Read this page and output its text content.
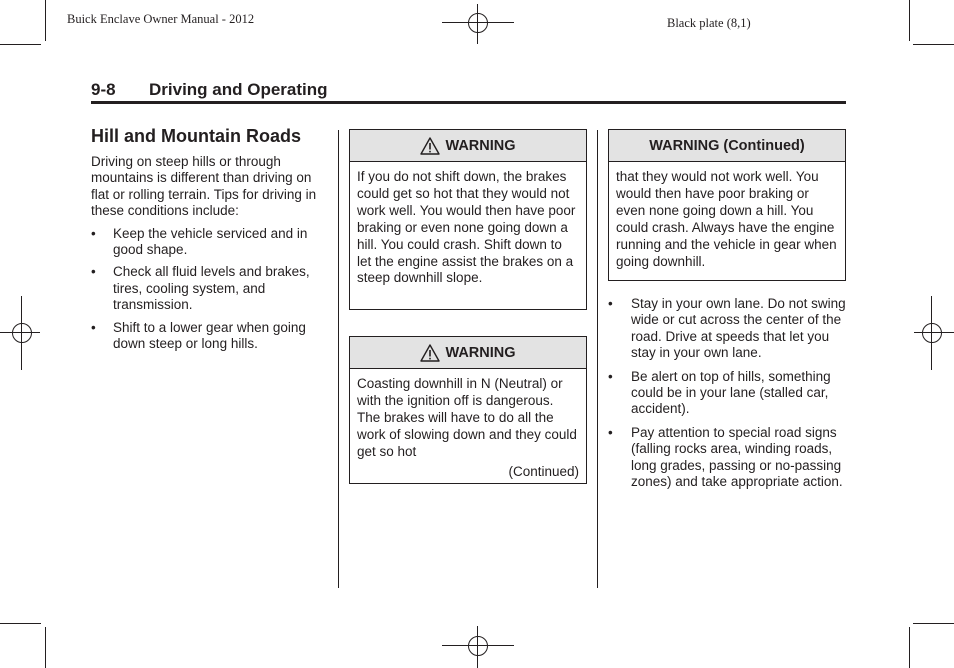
Buick Enclave Owner Manual - 2012	Black plate (8,1)
9-8 Driving and Operating
Hill and Mountain Roads

Driving on steep hills or through mountains is different than driving on flat or rolling terrain. Tips for driving in these conditions include:

• Keep the vehicle serviced and in good shape.
• Check all fluid levels and brakes, tires, cooling system, and transmission.
• Shift to a lower gear when going down steep or long hills.
WARNING
If you do not shift down, the brakes could get so hot that they would not work well. You would then have poor braking or even none going down a hill. You could crash. Shift down to let the engine assist the brakes on a steep downhill slope.
WARNING
Coasting downhill in N (Neutral) or with the ignition off is dangerous. The brakes will have to do all the work of slowing down and they could get so hot
(Continued)
WARNING (Continued)
that they would not work well. You would then have poor braking or even none going down a hill. You could crash. Always have the engine running and the vehicle in gear when going downhill.
• Stay in your own lane. Do not swing wide or cut across the center of the road. Drive at speeds that let you stay in your own lane.
• Be alert on top of hills, something could be in your lane (stalled car, accident).
• Pay attention to special road signs (falling rocks area, winding roads, long grades, passing or no-passing zones) and take appropriate action.
